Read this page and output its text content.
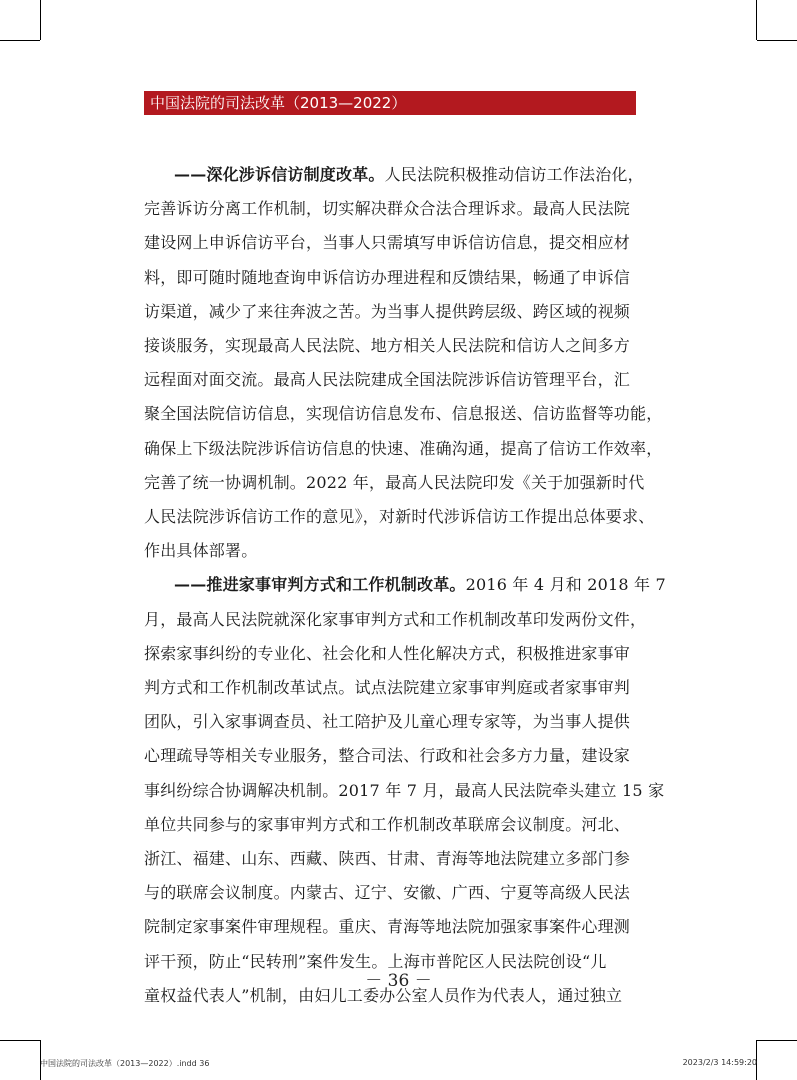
中国法院的司法改革（2013—2022）

——深化涉诉信访制度改革。人民法院积极推动信访工作法治化，

完善诉访分离工作机制，切实解决群众合法合理诉求。最高人民法院

建设网上申诉信访平台，当事人只需填写申诉信访信息，提交相应材

料，即可随时随地查询申诉信访办理进程和反馈结果，畅通了申诉信

访渠道，减少了来往奔波之苦。为当事人提供跨层级、跨区域的视频

接谈服务，实现最高人民法院、地方相关人民法院和信访人之间多方

远程面对面交流。最高人民法院建成全国法院涉诉信访管理平台，汇

聚全国法院信访信息，实现信访信息发布、信息报送、信访监督等功能，

确保上下级法院涉诉信访信息的快速、准确沟通，提高了信访工作效率，

完善了统一协调机制。2022 年，最高人民法院印发《关于加强新时代

人民法院涉诉信访工作的意见》，对新时代涉诉信访工作提出总体要求、

作出具体部署。

——推进家事审判方式和工作机制改革。2016 年 4 月和 2018 年 7

月，最高人民法院就深化家事审判方式和工作机制改革印发两份文件，

探索家事纠纷的专业化、社会化和人性化解决方式，积极推进家事审

判方式和工作机制改革试点。试点法院建立家事审判庭或者家事审判

团队，引入家事调查员、社工陪护及儿童心理专家等，为当事人提供

心理疏导等相关专业服务，整合司法、行政和社会多方力量，建设家

事纠纷综合协调解决机制。2017 年 7 月，最高人民法院牵头建立 15 家

单位共同参与的家事审判方式和工作机制改革联席会议制度。河北、

浙江、福建、山东、西藏、陕西、甘肃、青海等地法院建立多部门参

与的联席会议制度。内蒙古、辽宁、安徽、广西、宁夏等高级人民法

院制定家事案件审理规程。重庆、青海等地法院加强家事案件心理测

评干预，防止“民转刑”案件发生。上海市普陀区人民法院创设“儿

童权益代表人”机制，由妇儿工委办公室人员作为代表人，通过独立

－ 36 －
中国法院的司法改革（2013—2022）.indd 36	2023/2/3 14:59:20
